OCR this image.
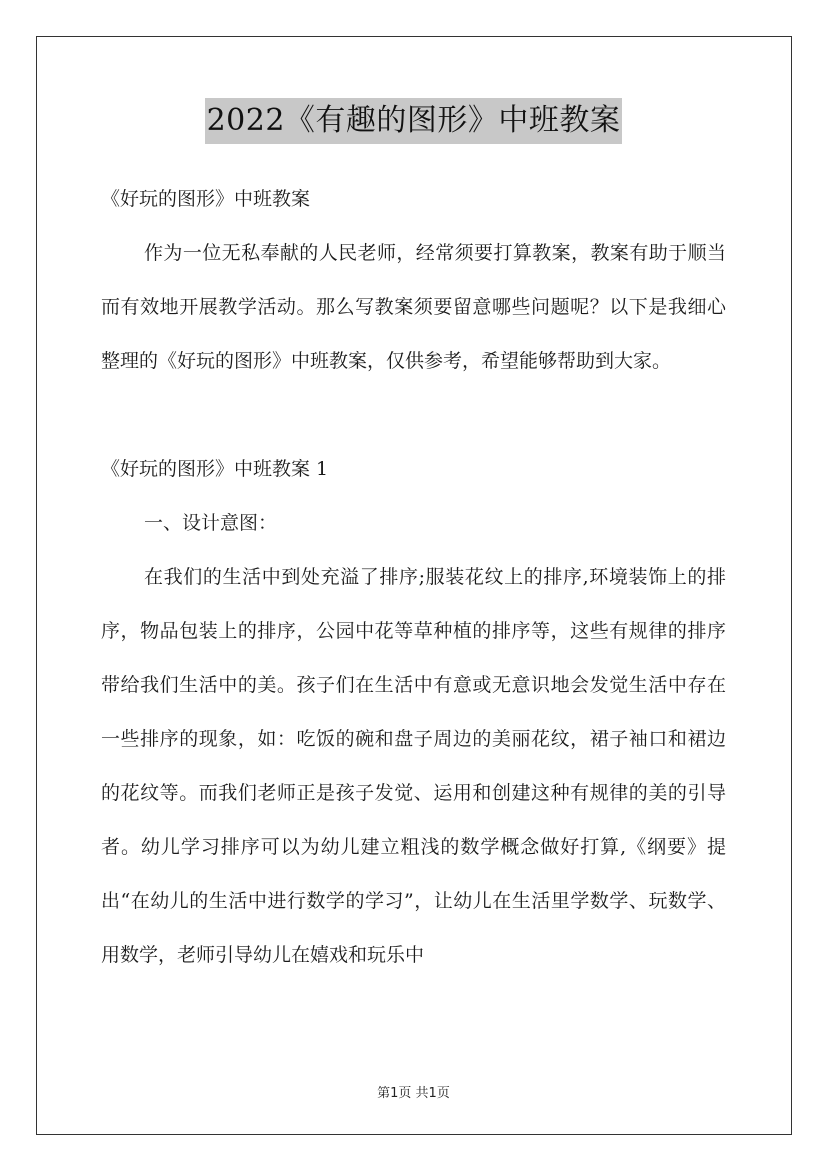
2022《有趣的图形》中班教案

《好玩的图形》中班教案

作为一位无私奉献的人民老师，经常须要打算教案，教案有助于顺当而有效地开展教学活动。那么写教案须要留意哪些问题呢？以下是我细心整理的《好玩的图形》中班教案，仅供参考，希望能够帮助到大家。

《好玩的图形》中班教案 1

一、设计意图：

在我们的生活中到处充溢了排序;服装花纹上的排序,环境装饰上的排序，物品包装上的排序，公园中花等草种植的排序等，这些有规律的排序带给我们生活中的美。孩子们在生活中有意或无意识地会发觉生活中存在一些排序的现象，如：吃饭的碗和盘子周边的美丽花纹，裙子袖口和裙边的花纹等。而我们老师正是孩子发觉、运用和创建这种有规律的美的引导者。幼儿学习排序可以为幼儿建立粗浅的数学概念做好打算,《纲要》提出“在幼儿的生活中进行数学的学习”，让幼儿在生活里学数学、玩数学、用数学，老师引导幼儿在嬉戏和玩乐中

第1页 共1页
